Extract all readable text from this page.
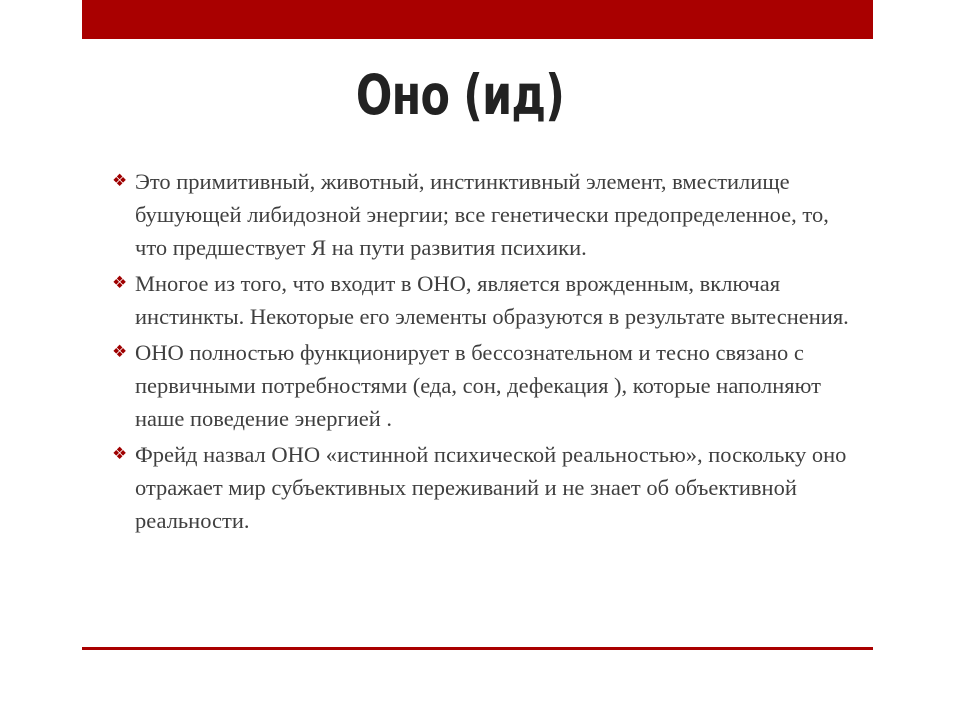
Оно (ид)
❖ Это примитивный, животный, инстинктивный элемент, вместилище бушующей либидозной энергии; все генетически предопределенное, то, что предшествует Я на пути развития психики.
❖ Многое из того, что входит в ОНО, является врожденным, включая инстинкты. Некоторые его элементы образуются в результате вытеснения.
❖ ОНО полностью функционирует в бессознательном и тесно связано с первичными потребностями (еда, сон, дефекация ), которые наполняют наше поведение энергией .
❖ Фрейд назвал ОНО «истинной психической реальностью», поскольку оно отражает мир субъективных переживаний и не знает об объективной реальности.
